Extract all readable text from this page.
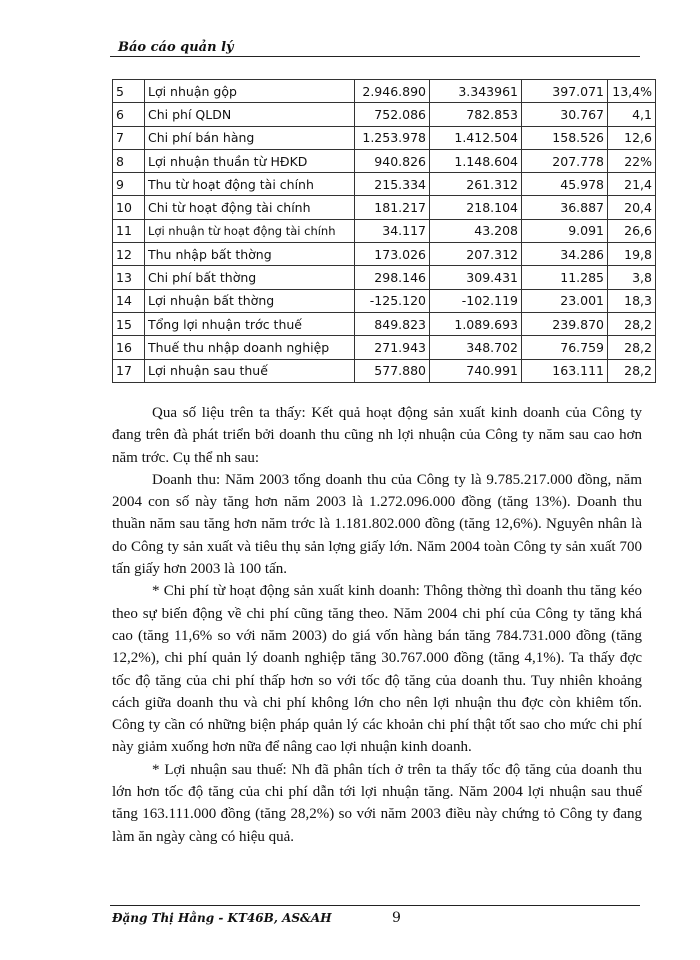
Báo cáo quản lý
5	Lợi nhuận gộp	2.946.890	3.343961	397.071	13,4%
6	Chi phí QLDN	752.086	782.853	30.767	4,1
7	Chi phí bán hàng	1.253.978	1.412.504	158.526	12,6
8	Lợi nhuận thuần từ HĐKD	940.826	1.148.604	207.778	22%
9	Thu từ hoạt động tài chính	215.334	261.312	45.978	21,4
10	Chi từ hoạt động tài chính	181.217	218.104	36.887	20,4
11	Lợi nhuận từ hoạt động tài chính	34.117	43.208	9.091	26,6
12	Thu nhập bất thờng	173.026	207.312	34.286	19,8
13	Chi phí bất thờng	298.146	309.431	11.285	3,8
14	Lợi nhuận bất thờng	-125.120	-102.119	23.001	18,3
15	Tổng lợi nhuận trớc thuế	849.823	1.089.693	239.870	28,2
16	Thuế thu nhập doanh nghiệp	271.943	348.702	76.759	28,2
17	Lợi nhuận sau thuế	577.880	740.991	163.111	28,2

Qua số liệu trên ta thấy: Kết quả hoạt động sản xuất kinh doanh của Công ty đang trên đà phát triển bởi doanh thu cũng nh lợi nhuận của Công ty năm sau cao hơn năm trớc. Cụ thể nh sau:

Doanh thu: Năm 2003 tổng doanh thu của Công ty là 9.785.217.000 đồng, năm 2004 con số này tăng hơn năm 2003 là 1.272.096.000 đồng (tăng 13%). Doanh thu thuần năm sau tăng hơn năm trớc là 1.181.802.000 đồng (tăng 12,6%). Nguyên nhân là do Công ty sản xuất và tiêu thụ sản lợng giấy lớn. Năm 2004 toàn Công ty sản xuất 700 tấn giấy hơn 2003 là 100 tấn.

* Chi phí từ hoạt động sản xuất kinh doanh: Thông thờng thì doanh thu tăng kéo theo sự biến động về chi phí cũng tăng theo. Năm 2004 chi phí của Công ty tăng khá cao (tăng 11,6% so với năm 2003) do giá vốn hàng bán tăng 784.731.000 đồng (tăng 12,2%), chi phí quản lý doanh nghiệp tăng 30.767.000 đồng (tăng 4,1%). Ta thấy đợc tốc độ tăng của chi phí thấp hơn so với tốc độ tăng của doanh thu. Tuy nhiên khoảng cách giữa doanh thu và chi phí không lớn cho nên lợi nhuận thu đợc còn khiêm tốn. Công ty cần có những biện pháp quản lý các khoản chi phí thật tốt sao cho mức chi phí này giảm xuống hơn nữa để nâng cao lợi nhuận kinh doanh.

* Lợi nhuận sau thuế: Nh đã phân tích ở trên ta thấy tốc độ tăng của doanh thu lớn hơn tốc độ tăng của chi phí dẫn tới lợi nhuận tăng. Năm 2004 lợi nhuận sau thuế tăng 163.111.000 đồng (tăng 28,2%) so với năm 2003 điều này chứng tỏ Công ty đang làm ăn ngày càng có hiệu quả.

Đặng Thị Hằng - KT46B, AS&AH	9
